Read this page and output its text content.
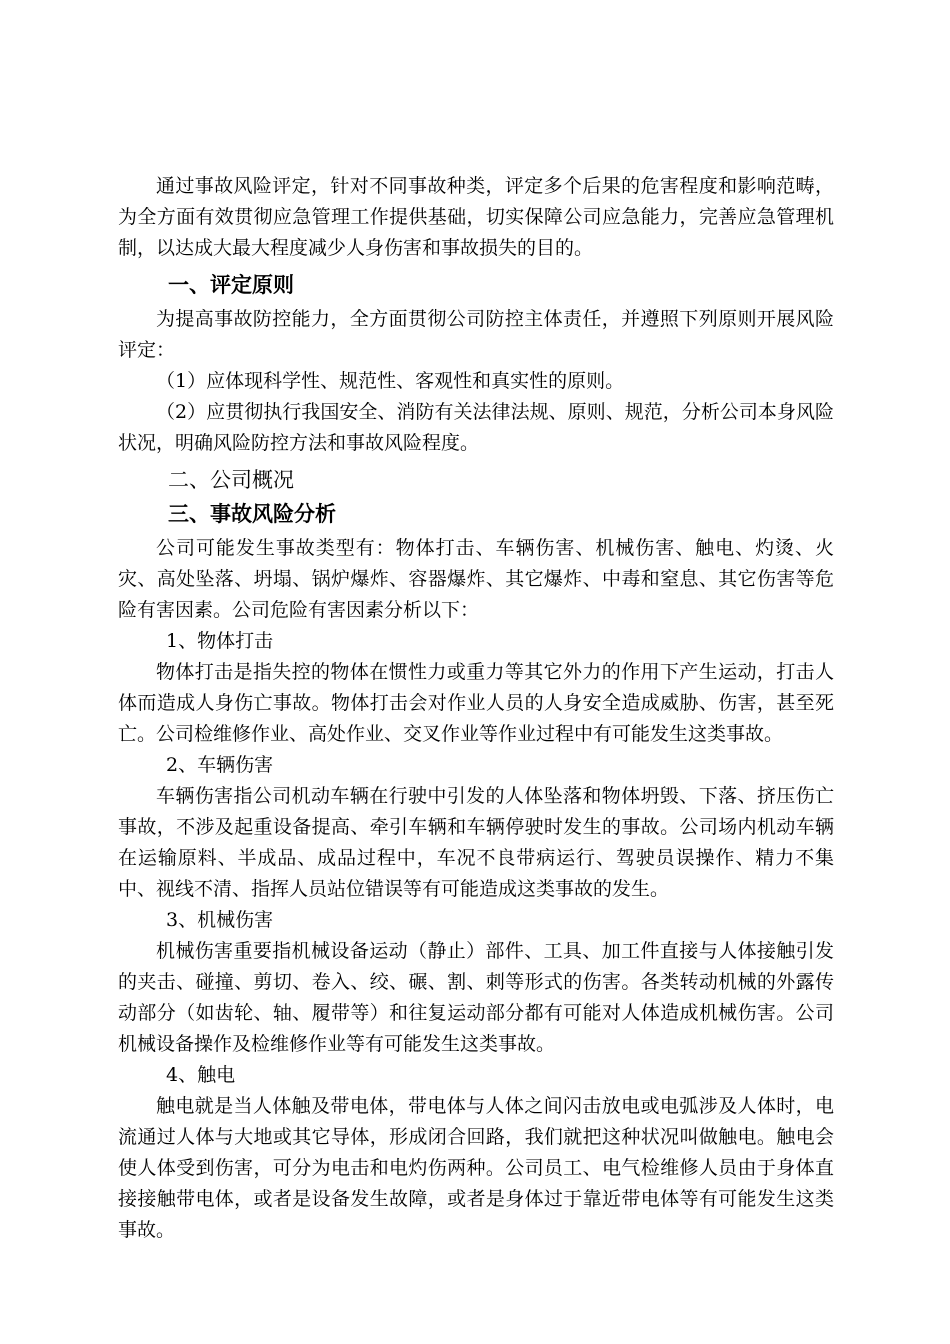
通过事故风险评定，针对不同事故种类，评定多个后果的危害程度和影响范畴，为全方面有效贯彻应急管理工作提供基础，切实保障公司应急能力，完善应急管理机制，以达成大最大程度减少人身伤害和事故损失的目的。

一、评定原则

为提高事故防控能力，全方面贯彻公司防控主体责任，并遵照下列原则开展风险评定：

（1）应体现科学性、规范性、客观性和真实性的原则。

（2）应贯彻执行我国安全、消防有关法律法规、原则、规范，分析公司本身风险状况，明确风险防控方法和事故风险程度。

二、公司概况
三、事故风险分析

公司可能发生事故类型有：物体打击、车辆伤害、机械伤害、触电、灼烫、火灾、高处坠落、坍塌、锅炉爆炸、容器爆炸、其它爆炸、中毒和窒息、其它伤害等危险有害因素。公司危险有害因素分析以下：

1、物体打击

物体打击是指失控的物体在惯性力或重力等其它外力的作用下产生运动，打击人体而造成人身伤亡事故。物体打击会对作业人员的人身安全造成威胁、伤害，甚至死亡。公司检维修作业、高处作业、交叉作业等作业过程中有可能发生这类事故。

2、车辆伤害

车辆伤害指公司机动车辆在行驶中引发的人体坠落和物体坍毁、下落、挤压伤亡事故，不涉及起重设备提高、牵引车辆和车辆停驶时发生的事故。公司场内机动车辆在运输原料、半成品、成品过程中，车况不良带病运行、驾驶员误操作、精力不集中、视线不清、指挥人员站位错误等有可能造成这类事故的发生。

3、机械伤害

机械伤害重要指机械设备运动（静止）部件、工具、加工件直接与人体接触引发的夹击、碰撞、剪切、卷入、绞、碾、割、刺等形式的伤害。各类转动机械的外露传动部分（如齿轮、轴、履带等）和往复运动部分都有可能对人体造成机械伤害。公司机械设备操作及检维修作业等有可能发生这类事故。

4、触电

触电就是当人体触及带电体，带电体与人体之间闪击放电或电弧涉及人体时，电流通过人体与大地或其它导体，形成闭合回路，我们就把这种状况叫做触电。触电会使人体受到伤害，可分为电击和电灼伤两种。公司员工、电气检维修人员由于身体直接接触带电体，或者是设备发生故障，或者是身体过于靠近带电体等有可能发生这类事故。
